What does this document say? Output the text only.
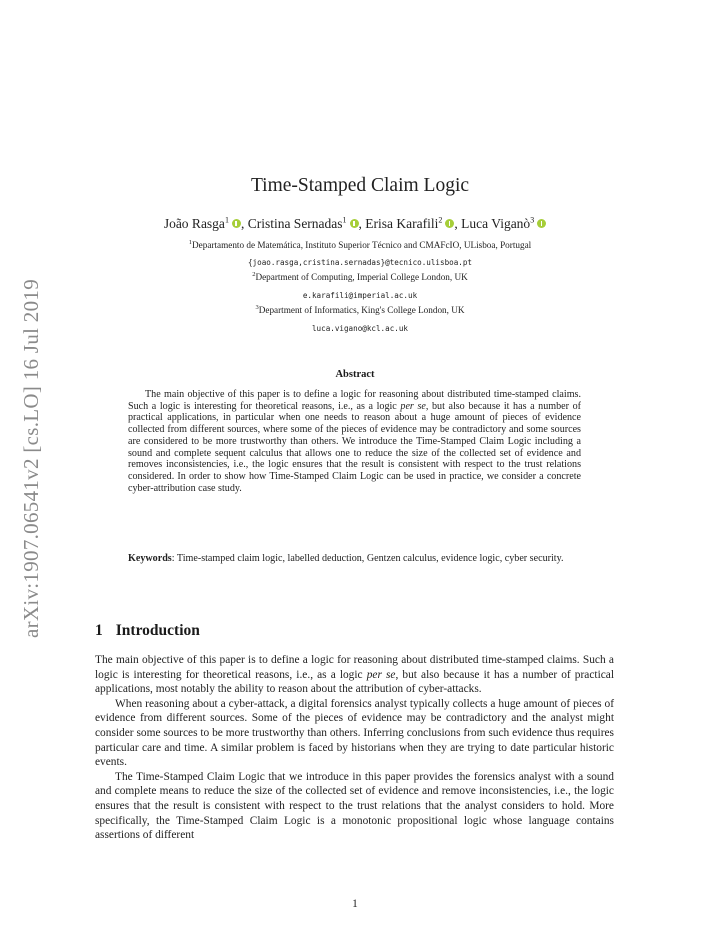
arXiv:1907.06541v2 [cs.LO] 16 Jul 2019
Time-Stamped Claim Logic
João Rasga$^1$ , Cristina Sernadas$^1$ , Erisa Karafili$^2$ , Luca Viganò$^3$
$^1$Departamento de Matemática, Instituto Superior Técnico and CMAFcIO, ULisboa, Portugal
{joao.rasga,cristina.sernadas}@tecnico.ulisboa.pt
$^2$Department of Computing, Imperial College London, UK
e.karafili@imperial.ac.uk
$^3$Department of Informatics, King's College London, UK
luca.vigano@kcl.ac.uk
Abstract
The main objective of this paper is to define a logic for reasoning about distributed time-stamped claims. Such a logic is interesting for theoretical reasons, i.e., as a logic per se, but also because it has a number of practical applications, in particular when one needs to reason about a huge amount of pieces of evidence collected from different sources, where some of the pieces of evidence may be contradictory and some sources are considered to be more trustworthy than others. We introduce the Time-Stamped Claim Logic including a sound and complete sequent calculus that allows one to reduce the size of the collected set of evidence and removes inconsistencies, i.e., the logic ensures that the result is consistent with respect to the trust relations considered. In order to show how Time-Stamped Claim Logic can be used in practice, we consider a concrete cyber-attribution case study.
Keywords: Time-stamped claim logic, labelled deduction, Gentzen calculus, evidence logic, cyber security.
1 Introduction

The main objective of this paper is to define a logic for reasoning about distributed time-stamped claims. Such a logic is interesting for theoretical reasons, i.e., as a logic per se, but also because it has a number of practical applications, most notably the ability to reason about the attribution of cyber-attacks.

When reasoning about a cyber-attack, a digital forensics analyst typically collects a huge amount of pieces of evidence from different sources. Some of the pieces of evidence may be contradictory and the analyst might consider some sources to be more trustworthy than others. Inferring conclusions from such evidence thus requires particular care and time. A similar problem is faced by historians when they are trying to date particular historic events.

The Time-Stamped Claim Logic that we introduce in this paper provides the forensics analyst with a sound and complete means to reduce the size of the collected set of evidence and remove inconsistencies, i.e., the logic ensures that the result is consistent with respect to the trust relations that the analyst considers to hold. More specifically, the Time-Stamped Claim Logic is a monotonic propositional logic whose language contains assertions of different

1
